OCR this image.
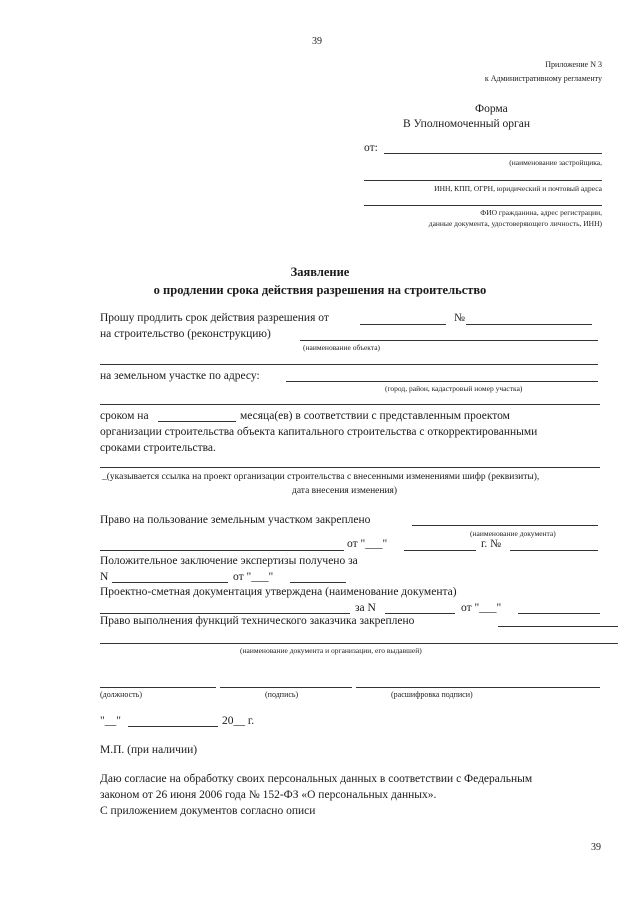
39
Приложение N 3
к Административному регламенту
Форма
В Уполномоченный орган
от:
(наименование застройщика,
ИНН, КПП, ОГРН, юридический и почтовый адреса
ФИО гражданина, адрес регистрации,
данные документа, удостоверяющего личность, ИНН)
Заявление
о продлении срока действия разрешения на строительство
Прошу продлить срок действия разрешения от	№
на строительство (реконструкцию)
(наименование объекта)
на земельном участке по адресу:
(город, район, кадастровый номер участка)
сроком на	месяца(ев) в соответствии с представленным проектом
организации строительства объекта капитального строительства с откорректированными
сроками строительства.
_(указывается ссылка на проект организации строительства с внесенными изменениями шифр (реквизиты),
дата внесения изменения)
Право на пользование земельным участком закреплено
(наименование документа)
от "___"	г. №
Положительное заключение экспертизы получено за
N	от "___"
Проектно-сметная документация утверждена (наименование документа)
за N	от "___"
Право выполнения функций технического заказчика закреплено
(наименование документа и организации, его выдавшей)
(должность)	(подпись)	(расшифровка подписи)
"__"	20__ г.
М.П. (при наличии)
Даю согласие на обработку своих персональных данных в соответствии с Федеральным
законом от 26 июня 2006 года № 152-ФЗ «О персональных данных».
С приложением документов согласно описи
39
